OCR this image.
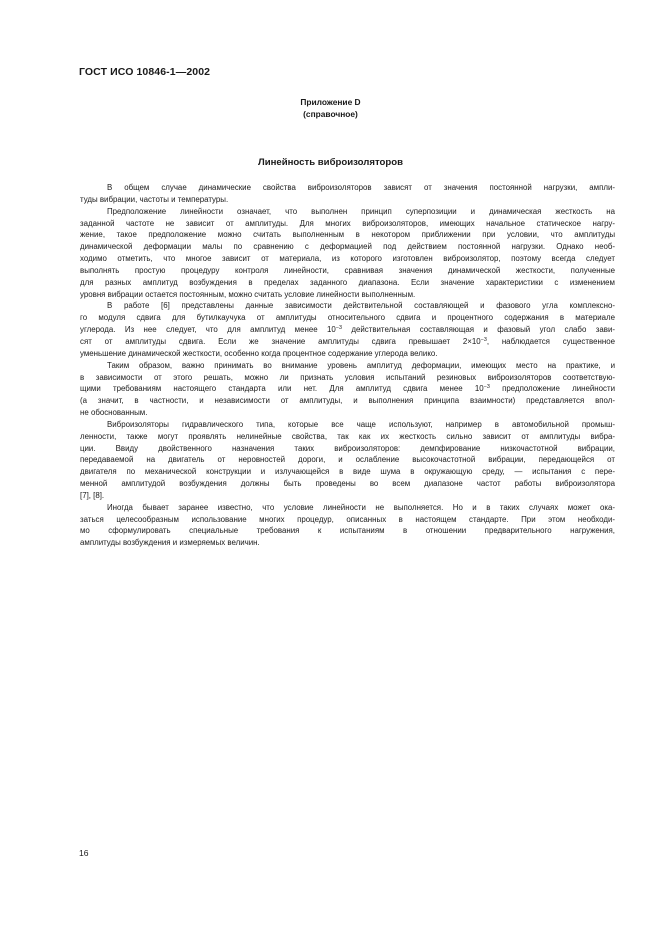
ГОСТ ИСО 10846-1—2002
Приложение D
(справочное)
Линейность виброизоляторов
В общем случае динамические свойства виброизоляторов зависят от значения постоянной нагрузки, ампли-
туды вибрации, частоты и температуры.
Предположение линейности означает, что выполнен принцип суперпозиции и динамическая жесткость на
заданной частоте не зависит от амплитуды. Для многих виброизоляторов, имеющих начальное статическое нагру-
жение, такое предположение можно считать выполненным в некотором приближении при условии, что амплитуды
динамической деформации малы по сравнению с деформацией под действием постоянной нагрузки. Однако необ-
ходимо отметить, что многое зависит от материала, из которого изготовлен виброизолятор, поэтому всегда следует
выполнять простую процедуру контроля линейности, сравнивая значения динамической жесткости, полученные
для разных амплитуд возбуждения в пределах заданного диапазона. Если значение характеристики с изменением
уровня вибрации остается постоянным, можно считать условие линейности выполненным.
В работе [6] представлены данные зависимости действительной составляющей и фазового угла комплексно-
го модуля сдвига для бутилкаучука от амплитуды относительного сдвига и процентного содержания в материале
углерода. Из нее следует, что для амплитуд менее $10^{-3}$ действительная составляющая и фазовый угол слабо зави-
сят от амплитуды сдвига. Если же значение амплитуды сдвига превышает $2\times 10^{-3}$, наблюдается существенное
уменьшение динамической жесткости, особенно когда процентное содержание углерода велико.
Таким образом, важно принимать во внимание уровень амплитуд деформации, имеющих место на практике, и
в зависимости от этого решать, можно ли признать условия испытаний резиновых виброизоляторов соответствую-
щими требованиям настоящего стандарта или нет. Для амплитуд сдвига менее $10^{-3}$ предположение линейности
(а значит, в частности, и независимости от амплитуды, и выполнения принципа взаимности) представляется впол-
не обоснованным.
Виброизоляторы гидравлического типа, которые все чаще используют, например в автомобильной промыш-
ленности, также могут проявлять нелинейные свойства, так как их жесткость сильно зависит от амплитуды вибра-
ции. Ввиду двойственного назначения таких виброизоляторов: демпфирование низкочастотной вибрации,
передаваемой на двигатель от неровностей дороги, и ослабление высокочастотной вибрации, передающейся от
двигателя по механической конструкции и излучающейся в виде шума в окружающую среду, — испытания с пере-
менной амплитудой возбуждения должны быть проведены во всем диапазоне частот работы виброизолятора
[7], [8].
Иногда бывает заранее известно, что условие линейности не выполняется. Но и в таких случаях может ока-
заться целесообразным использование многих процедур, описанных в настоящем стандарте. При этом необходи-
мо сформулировать специальные требования к испытаниям в отношении предварительного нагружения,
амплитуды возбуждения и измеряемых величин.
16
